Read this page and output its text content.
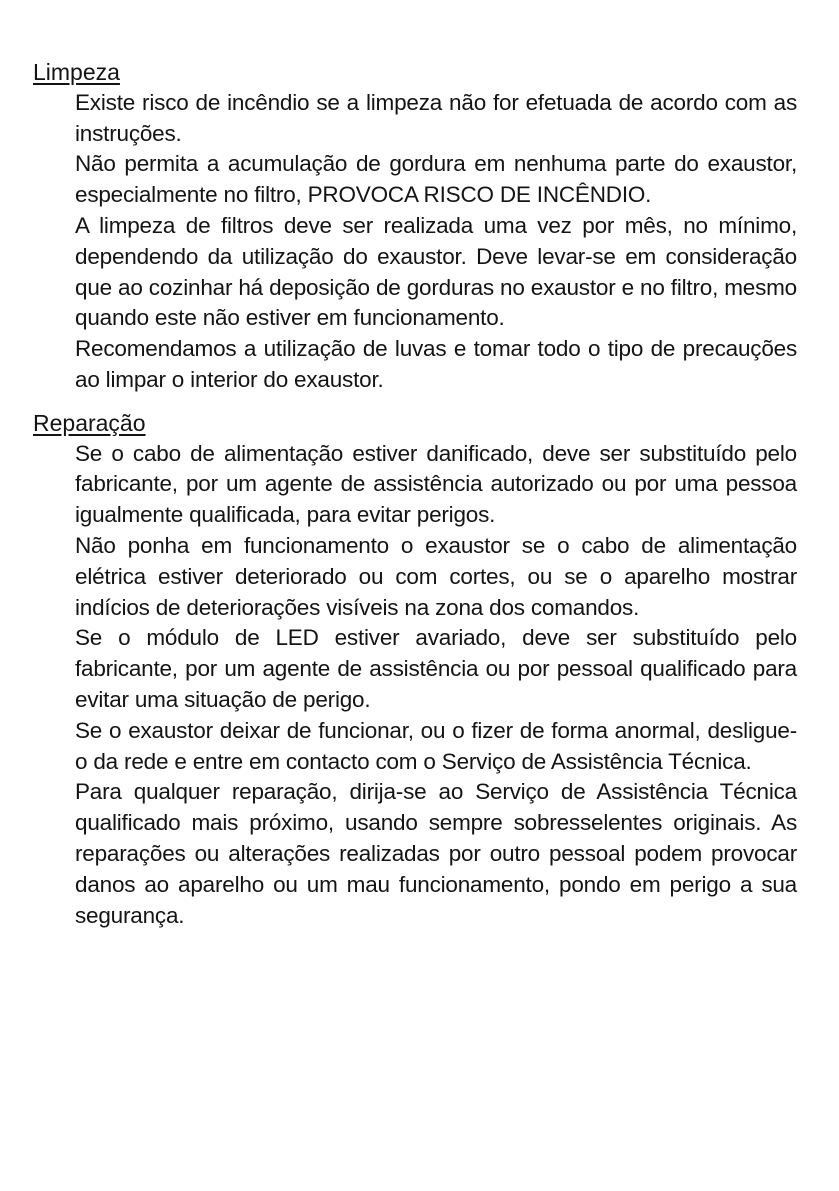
Limpeza

Existe risco de incêndio se a limpeza não for efetuada de acordo com as instruções.

Não permita a acumulação de gordura em nenhuma parte do exaustor, especialmente no filtro, PROVOCA RISCO DE INCÊNDIO.

A limpeza de filtros deve ser realizada uma vez por mês, no mínimo, dependendo da utilização do exaustor. Deve levar-se em consideração que ao cozinhar há deposição de gorduras no exaustor e no filtro, mesmo quando este não estiver em funcionamento.

Recomendamos a utilização de luvas e tomar todo o tipo de precauções ao limpar o interior do exaustor.

Reparação

Se o cabo de alimentação estiver danificado, deve ser substituído pelo fabricante, por um agente de assistência autorizado ou por uma pessoa igualmente qualificada, para evitar perigos.

Não ponha em funcionamento o exaustor se o cabo de alimentação elétrica estiver deteriorado ou com cortes, ou se o aparelho mostrar indícios de deteriorações visíveis na zona dos comandos.

Se o módulo de LED estiver avariado, deve ser substituído pelo fabricante, por um agente de assistência ou por pessoal qualificado para evitar uma situação de perigo.

Se o exaustor deixar de funcionar, ou o fizer de forma anormal, desligue-o da rede e entre em contacto com o Serviço de Assistência Técnica.

Para qualquer reparação, dirija-se ao Serviço de Assistência Técnica qualificado mais próximo, usando sempre sobresselentes originais. As reparações ou alterações realizadas por outro pessoal podem provocar danos ao aparelho ou um mau funcionamento, pondo em perigo a sua segurança.
